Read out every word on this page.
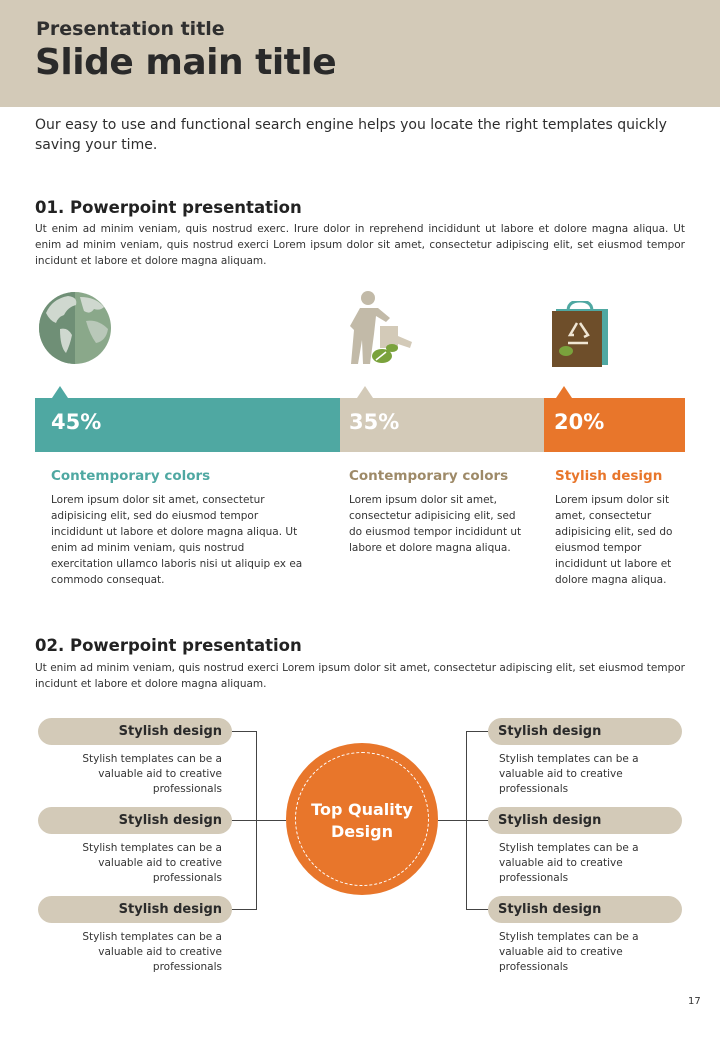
Presentation title
Slide main title
Our easy to use and functional search engine helps you locate the right templates quickly saving your time.
01. Powerpoint presentation
Ut enim ad minim veniam, quis nostrud exerc. Irure dolor in reprehend incididunt ut labore et dolore magna aliqua. Ut enim ad minim veniam, quis nostrud exerci Lorem ipsum dolor sit amet, consectetur adipiscing elit, set eiusmod tempor incidunt et labore et dolore magna aliquam.
45%	35%	20%
Contemporary colors
Lorem ipsum dolor sit amet, consectetur adipisicing elit, sed do eiusmod tempor incididunt ut labore et dolore magna aliqua. Ut enim ad minim veniam, quis nostrud exercitation ullamco laboris nisi ut aliquip ex ea commodo consequat.
Contemporary colors
Lorem ipsum dolor sit amet, consectetur adipisicing elit, sed do eiusmod tempor incididunt ut labore et dolore magna aliqua.
Stylish design
Lorem ipsum dolor sit amet, consectetur adipisicing elit, sed do eiusmod tempor incididunt ut labore et dolore magna aliqua.
02. Powerpoint presentation
Ut enim ad minim veniam, quis nostrud exerci Lorem ipsum dolor sit amet, consectetur adipiscing elit, set eiusmod tempor incidunt et labore et dolore magna aliquam.
Stylish design
Stylish templates can be a valuable aid to creative professionals
Stylish design
Stylish templates can be a valuable aid to creative professionals
Stylish design
Stylish templates can be a valuable aid to creative professionals
Stylish design
Stylish templates can be a valuable aid to creative professionals
Stylish design
Stylish templates can be a valuable aid to creative professionals
Stylish design
Stylish templates can be a valuable aid to creative professionals
Top Quality
Design
17
